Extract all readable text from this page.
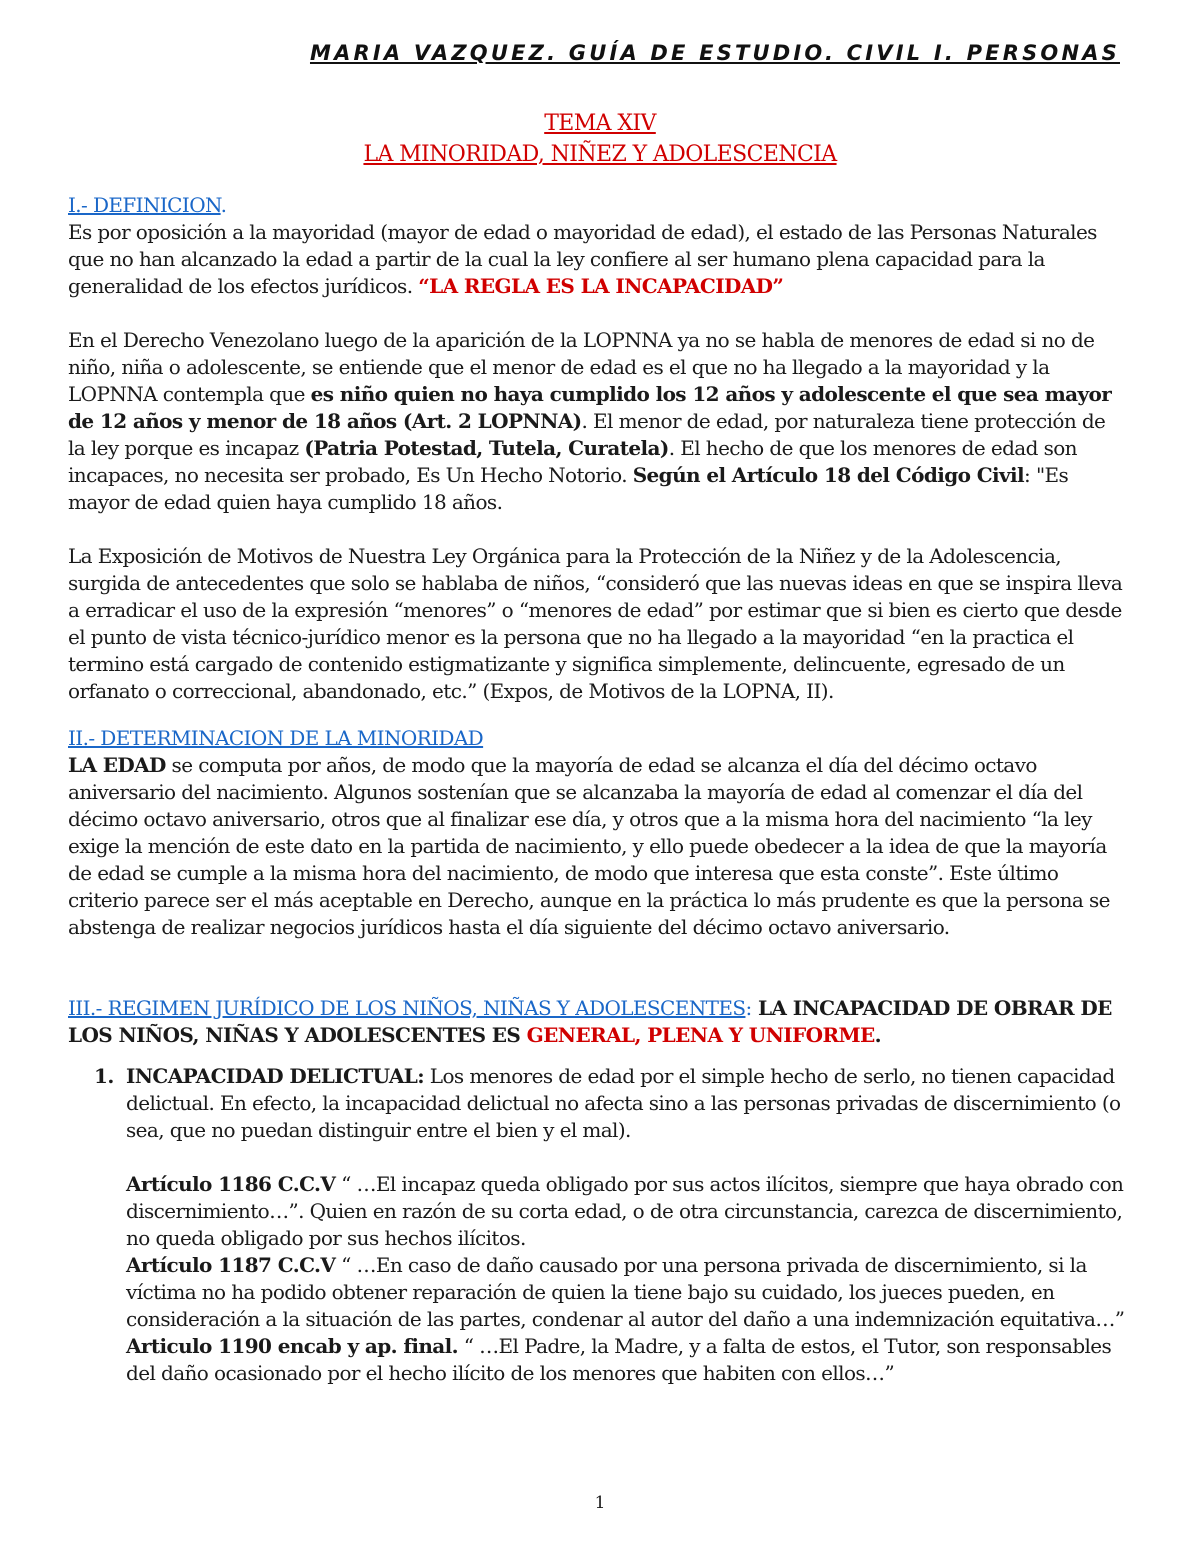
MARIA VAZQUEZ. GUÍA DE ESTUDIO. CIVIL I. PERSONAS
TEMA XIV
LA MINORIDAD, NIÑEZ Y ADOLESCENCIA

I.- DEFINICION.

Es por oposición a la mayoridad (mayor de edad o mayoridad de edad), el estado de las Personas Naturales que no han alcanzado la edad a partir de la cual la ley confiere al ser humano plena capacidad para la generalidad de los efectos jurídicos. “LA REGLA ES LA INCAPACIDAD”

En el Derecho Venezolano luego de la aparición de la LOPNNA ya no se habla de menores de edad si no de niño, niña o adolescente, se entiende que el menor de edad es el que no ha llegado a la mayoridad y la LOPNNA contempla que es niño quien no haya cumplido los 12 años y adolescente el que sea mayor de 12 años y menor de 18 años (Art. 2 LOPNNA). El menor de edad, por naturaleza tiene protección de la ley porque es incapaz (Patria Potestad, Tutela, Curatela). El hecho de que los menores de edad son incapaces, no necesita ser probado, Es Un Hecho Notorio. Según el Artículo 18 del Código Civil: "Es mayor de edad quien haya cumplido 18 años.

La Exposición de Motivos de Nuestra Ley Orgánica para la Protección de la Niñez y de la Adolescencia, surgida de antecedentes que solo se hablaba de niños, “consideró que las nuevas ideas en que se inspira lleva a erradicar el uso de la expresión “menores” o “menores de edad” por estimar que si bien es cierto que desde el punto de vista técnico-jurídico menor es la persona que no ha llegado a la mayoridad “en la practica el termino está cargado de contenido estigmatizante y significa simplemente, delincuente, egresado de un orfanato o correccional, abandonado, etc.” (Expos, de Motivos de la LOPNA, II).

II.- DETERMINACION DE LA MINORIDAD

LA EDAD se computa por años, de modo que la mayoría de edad se alcanza el día del décimo octavo aniversario del nacimiento. Algunos sostenían que se alcanzaba la mayoría de edad al comenzar el día del décimo octavo aniversario, otros que al finalizar ese día, y otros que a la misma hora del nacimiento “la ley exige la mención de este dato en la partida de nacimiento, y ello puede obedecer a la idea de que la mayoría de edad se cumple a la misma hora del nacimiento, de modo que interesa que esta conste”. Este último criterio parece ser el más aceptable en Derecho, aunque en la práctica lo más prudente es que la persona se abstenga de realizar negocios jurídicos hasta el día siguiente del décimo octavo aniversario.

III.- REGIMEN JURÍDICO DE LOS NIÑOS, NIÑAS Y ADOLESCENTES: LA INCAPACIDAD DE OBRAR DE LOS NIÑOS, NIÑAS Y ADOLESCENTES ES GENERAL, PLENA Y UNIFORME.

1. INCAPACIDAD DELICTUAL: Los menores de edad por el simple hecho de serlo, no tienen capacidad delictual. En efecto, la incapacidad delictual no afecta sino a las personas privadas de discernimiento (o sea, que no puedan distinguir entre el bien y el mal).

Artículo 1186 C.C.V “ …El incapaz queda obligado por sus actos ilícitos, siempre que haya obrado con discernimiento…”. Quien en razón de su corta edad, o de otra circunstancia, carezca de discernimiento, no queda obligado por sus hechos ilícitos.

Artículo 1187 C.C.V “ …En caso de daño causado por una persona privada de discernimiento, si la víctima no ha podido obtener reparación de quien la tiene bajo su cuidado, los jueces pueden, en consideración a la situación de las partes, condenar al autor del daño a una indemnización equitativa…”

Articulo 1190 encab y ap. final. “ …El Padre, la Madre, y a falta de estos, el Tutor, son responsables del daño ocasionado por el hecho ilícito de los menores que habiten con ellos…”

1
